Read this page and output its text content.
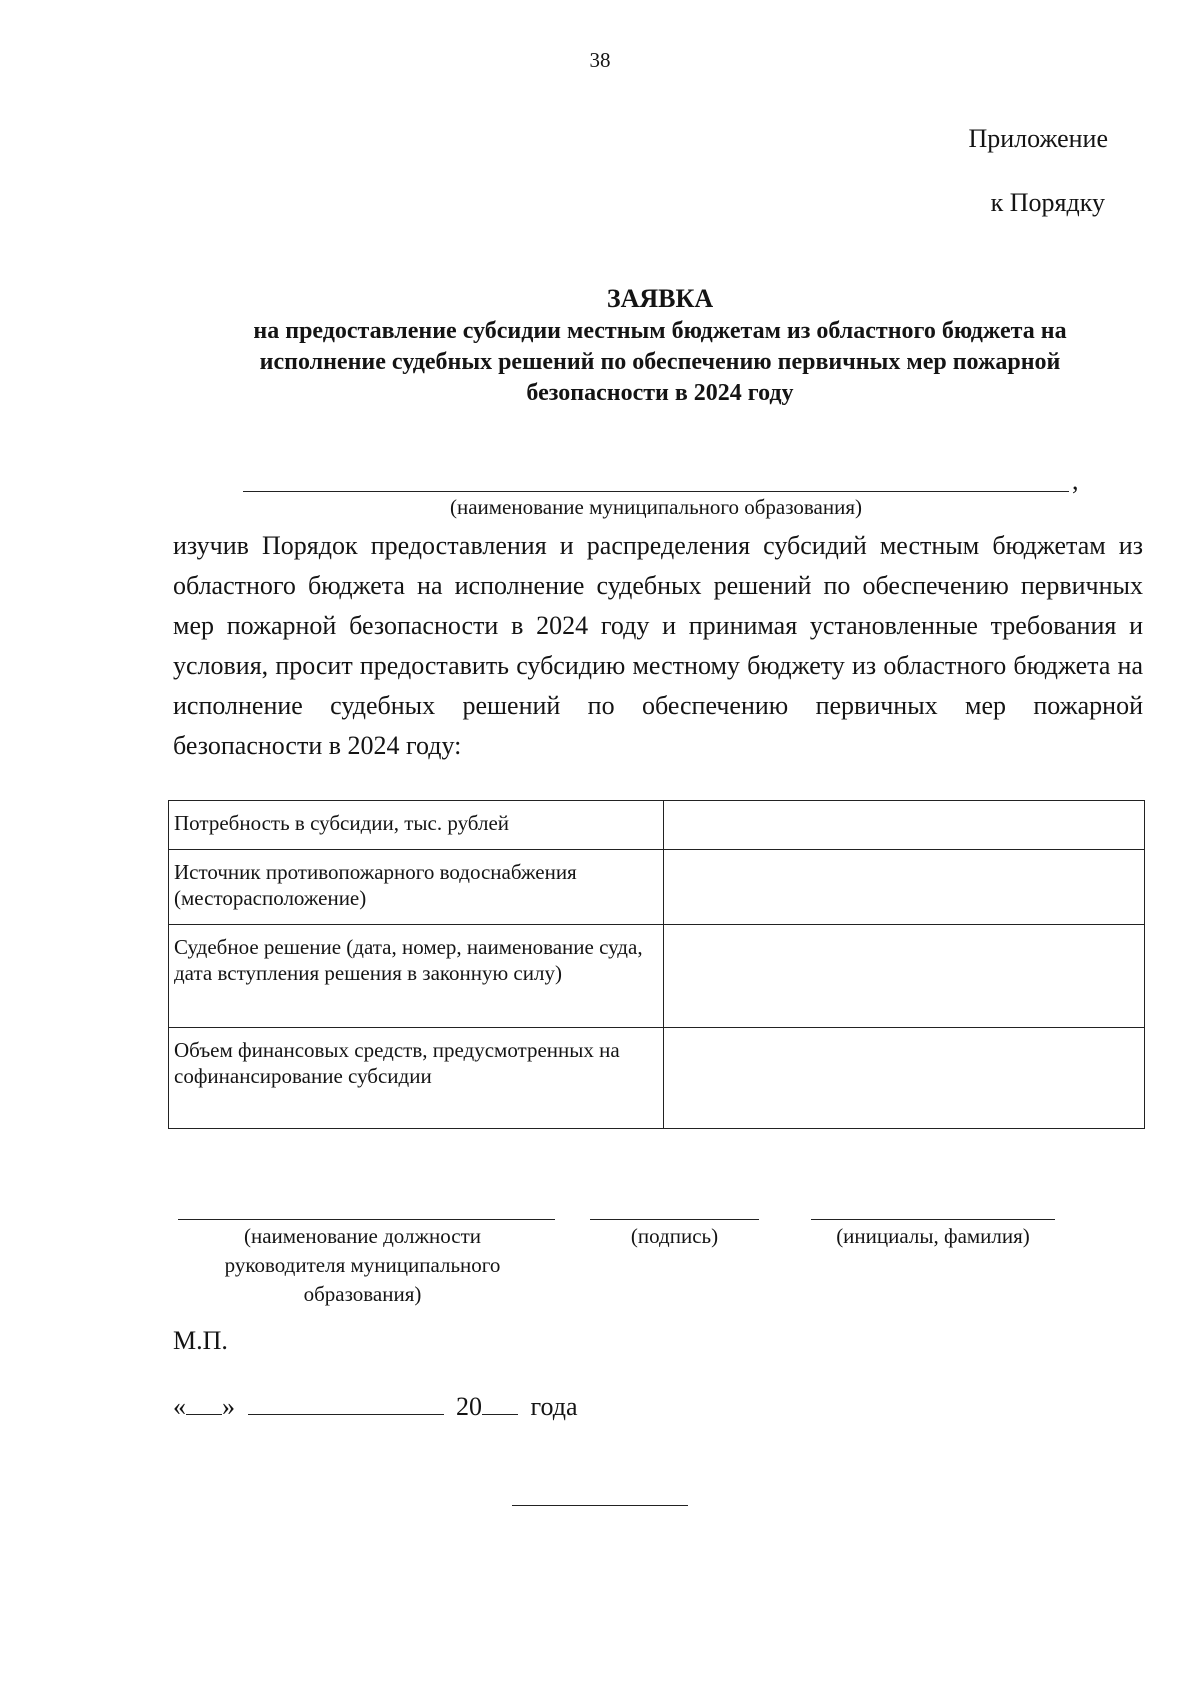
38
Приложение
к Порядку
ЗАЯВКА
на предоставление субсидии местным бюджетам из областного бюджета на
исполнение судебных решений по обеспечению первичных мер пожарной
безопасности в 2024 году
,
(наименование муниципального образования)
изучив Порядок предоставления и распределения субсидий местным бюджетам из областного бюджета на исполнение судебных решений по обеспечению первичных мер пожарной безопасности в 2024 году и принимая установленные требования и условия, просит предоставить субсидию местному бюджету из областного бюджета на исполнение судебных решений по обеспечению первичных мер пожарной безопасности в 2024 году:
Потребность в субсидии, тыс. рублей	
Источник противопожарного водоснабжения (месторасположение)	
Судебное решение (дата, номер, наименование суда, дата вступления решения в законную силу)	
Объем финансовых средств, предусмотренных на софинансирование субсидии	
(наименование должности руководителя муниципального образования)
(подпись)	(инициалы, фамилия)
М.П.
« »	20 года
